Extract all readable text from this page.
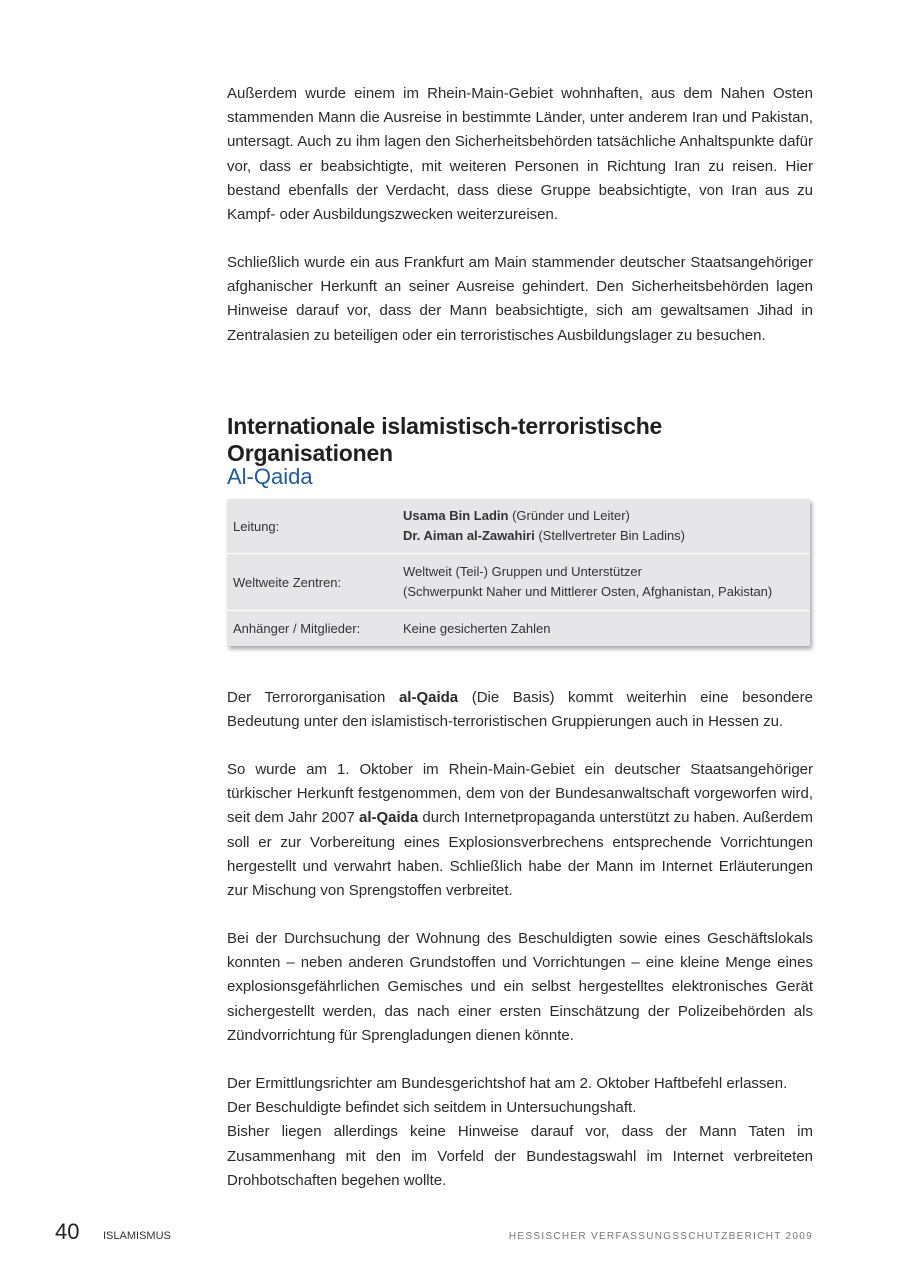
Außerdem wurde einem im Rhein-Main-Gebiet wohnhaften, aus dem Nahen Osten stammenden Mann die Ausreise in bestimmte Länder, unter anderem Iran und Pakistan, untersagt. Auch zu ihm lagen den Sicherheitsbehörden tatsächliche Anhaltspunkte dafür vor, dass er beabsichtigte, mit weiteren Personen in Richtung Iran zu reisen. Hier bestand ebenfalls der Verdacht, dass diese Gruppe beabsichtigte, von Iran aus zu Kampf- oder Ausbildungszwecken weiterzureisen.

Schließlich wurde ein aus Frankfurt am Main stammender deutscher Staatsangehöriger afghanischer Herkunft an seiner Ausreise gehindert. Den Sicherheitsbehörden lagen Hinweise darauf vor, dass der Mann beabsichtigte, sich am gewaltsamen Jihad in Zentralasien zu beteiligen oder ein terroristisches Ausbildungslager zu besuchen.

Internationale islamistisch-terroristische Organisationen
Al-Qaida
Leitung:
Usama Bin Ladin (Gründer und Leiter)
Dr. Aiman al-Zawahiri (Stellvertreter Bin Ladins)
Weltweite Zentren:
Weltweit (Teil-) Gruppen und Unterstützer
(Schwerpunkt Naher und Mittlerer Osten, Afghanistan, Pakistan)
Anhänger / Mitglieder:	Keine gesicherten Zahlen

Der Terrororganisation al-Qaida (Die Basis) kommt weiterhin eine besondere Bedeutung unter den islamistisch-terroristischen Gruppierungen auch in Hessen zu.

So wurde am 1. Oktober im Rhein-Main-Gebiet ein deutscher Staatsangehöriger türkischer Herkunft festgenommen, dem von der Bundesanwaltschaft vorgeworfen wird, seit dem Jahr 2007 al-Qaida durch Internetpropaganda unterstützt zu haben. Außerdem soll er zur Vorbereitung eines Explosionsverbrechens entsprechende Vorrichtungen hergestellt und verwahrt haben. Schließlich habe der Mann im Internet Erläuterungen zur Mischung von Sprengstoffen verbreitet.

Bei der Durchsuchung der Wohnung des Beschuldigten sowie eines Geschäftslokals konnten – neben anderen Grundstoffen und Vorrichtungen – eine kleine Menge eines explosionsgefährlichen Gemisches und ein selbst hergestelltes elektronisches Gerät sichergestellt werden, das nach einer ersten Einschätzung der Polizeibehörden als Zündvorrichtung für Sprengladungen dienen könnte.

Der Ermittlungsrichter am Bundesgerichtshof hat am 2. Oktober Haftbefehl erlassen.

Der Beschuldigte befindet sich seitdem in Untersuchungshaft.

Bisher liegen allerdings keine Hinweise darauf vor, dass der Mann Taten im Zusammenhang mit den im Vorfeld der Bundestagswahl im Internet verbreiteten Drohbotschaften begehen wollte.

40 ISLAMISMUS	HESSISCHER VERFASSUNGSSCHUTZBERICHT 2009
